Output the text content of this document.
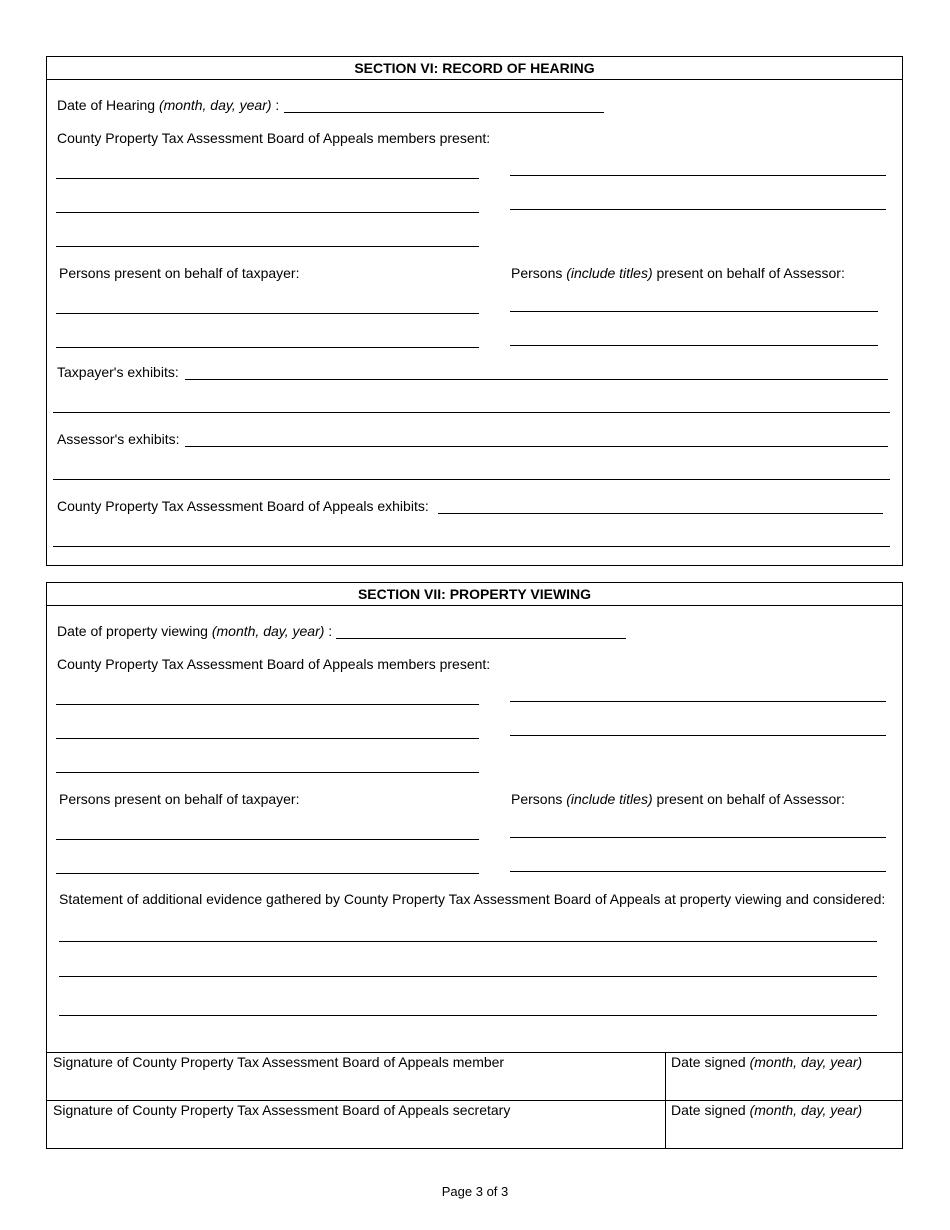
SECTION VI: RECORD OF HEARING
Date of Hearing (month, day, year) :
County Property Tax Assessment Board of Appeals members present:
Persons present on behalf of taxpayer:	Persons (include titles) present on behalf of Assessor:
Taxpayer's exhibits:
Assessor's exhibits:
County Property Tax Assessment Board of Appeals exhibits:
SECTION VII: PROPERTY VIEWING
Date of property viewing (month, day, year) :
County Property Tax Assessment Board of Appeals members present:
Persons present on behalf of taxpayer:	Persons (include titles) present on behalf of Assessor:
Statement of additional evidence gathered by County Property Tax Assessment Board of Appeals at property viewing and considered:
Signature of County Property Tax Assessment Board of Appeals member	Date signed (month, day, year)
Signature of County Property Tax Assessment Board of Appeals secretary	Date signed (month, day, year)
Page 3 of 3
